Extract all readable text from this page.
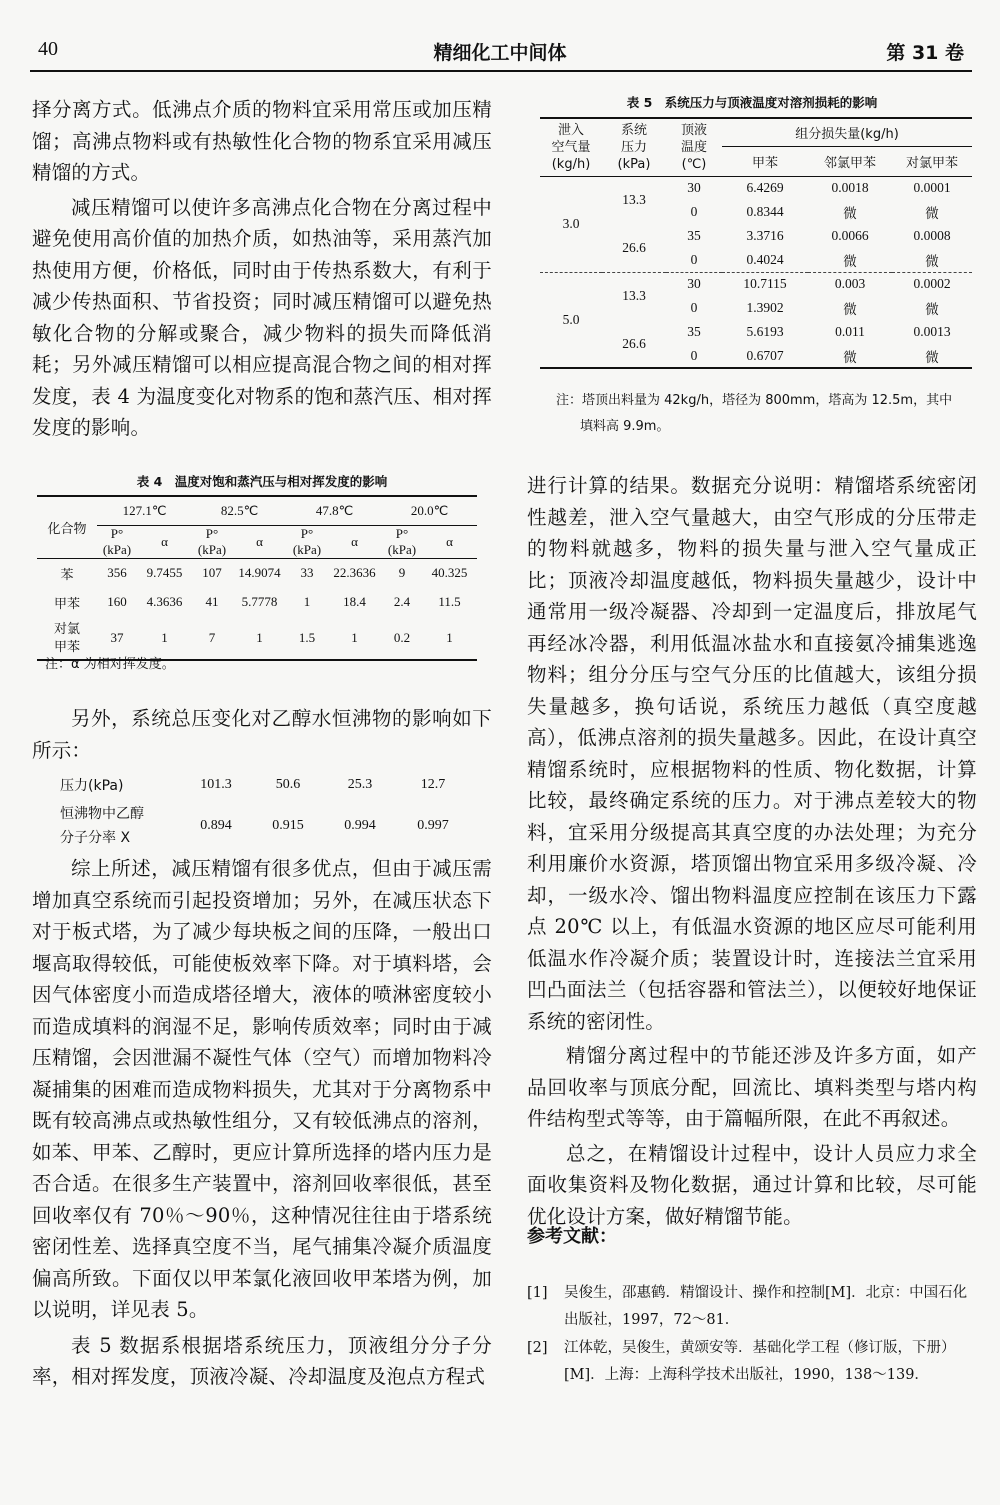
40	精细化工中间体	第 31 卷

择分离方式。低沸点介质的物料宜采用常压或加压精馏；高沸点物料或有热敏性化合物的物系宜采用减压精馏的方式。

减压精馏可以使许多高沸点化合物在分离过程中避免使用高价值的加热介质，如热油等，采用蒸汽加热使用方便，价格低，同时由于传热系数大，有利于减少传热面积、节省投资；同时减压精馏可以避免热敏化合物的分解或聚合，减少物料的损失而降低消耗；另外减压精馏可以相应提高混合物之间的相对挥发度，表 4 为温度变化对物系的饱和蒸汽压、相对挥发度的影响。

表 4　温度对饱和蒸汽压与相对挥发度的影响
化合物	127.1℃		82.5℃		47.8℃		20.0℃	
	P°(kPa)	α	P°(kPa)	α	P°(kPa)	α	P°(kPa)	α
苯	356	9.7455	107	14.9074	33	22.3636	9	40.325
甲苯	160	4.3636	41	5.7778	1	18.4	2.4	11.5
对氯
甲苯	37	1	7	1	1.5	1	0.2	1
注：α 为相对挥发度。

另外，系统总压变化对乙醇水恒沸物的影响如下所示：

压力(kPa)	101.3	50.6	25.3	12.7
恒沸物中乙醇
分子分率 X	0.894	0.915	0.994	0.997

综上所述，减压精馏有很多优点，但由于减压需增加真空系统而引起投资增加；另外，在减压状态下对于板式塔，为了减少每块板之间的压降，一般出口堰高取得较低，可能使板效率下降。对于填料塔，会因气体密度小而造成塔径增大，液体的喷淋密度较小而造成填料的润湿不足，影响传质效率；同时由于减压精馏，会因泄漏不凝性气体（空气）而增加物料冷凝捕集的困难而造成物料损失，尤其对于分离物系中既有较高沸点或热敏性组分，又有较低沸点的溶剂，如苯、甲苯、乙醇时，更应计算所选择的塔内压力是否合适。在很多生产装置中，溶剂回收率很低，甚至回收率仅有 70％～90％，这种情况往往由于塔系统密闭性差、选择真空度不当，尾气捕集冷凝介质温度偏高所致。下面仅以甲苯氯化液回收甲苯塔为例，加以说明，详见表 5。

表 5 数据系根据塔系统压力，顶液组分分子分率，相对挥发度，顶液冷凝、冷却温度及泡点方程式

表 5　系统压力与顶液温度对溶剂损耗的影响
泄入
空气量
(kg/h)	系统
压力
(kPa)	顶液
温度
(℃)	组分损失量(kg/h)		
			甲苯	邻氯甲苯	对氯甲苯
3.0	13.3	30	6.4269	0.0018	0.0001
		0	0.8344	微	微
	26.6	35	3.3716	0.0066	0.0008
		0	0.4024	微	微
5.0	13.3	30	10.7115	0.003	0.0002
		0	1.3902	微	微
	26.6	35	5.6193	0.011	0.0013
		0	0.6707	微	微
注：塔顶出料量为 42kg/h，塔径为 800mm，塔高为 12.5m，其中
填料高 9.9m。

进行计算的结果。数据充分说明：精馏塔系统密闭性越差，泄入空气量越大，由空气形成的分压带走的物料就越多，物料的损失量与泄入空气量成正比；顶液冷却温度越低，物料损失量越少，设计中通常用一级冷凝器、冷却到一定温度后，排放尾气再经冰冷器，利用低温冰盐水和直接氨冷捕集逃逸物料；组分分压与空气分压的比值越大，该组分损失量越多，换句话说，系统压力越低（真空度越高），低沸点溶剂的损失量越多。因此，在设计真空精馏系统时，应根据物料的性质、物化数据，计算比较，最终确定系统的压力。对于沸点差较大的物料，宜采用分级提高其真空度的办法处理；为充分利用廉价水资源，塔顶馏出物宜采用多级冷凝、冷却，一级水冷、馏出物料温度应控制在该压力下露点 20℃ 以上，有低温水资源的地区应尽可能利用低温水作冷凝介质；装置设计时，连接法兰宜采用凹凸面法兰（包括容器和管法兰），以便较好地保证系统的密闭性。

精馏分离过程中的节能还涉及许多方面，如产品回收率与顶底分配，回流比、填料类型与塔内构件结构型式等等，由于篇幅所限，在此不再叙述。

总之，在精馏设计过程中，设计人员应力求全面收集资料及物化数据，通过计算和比较，尽可能优化设计方案，做好精馏节能。

参考文献：
[1] 吴俊生，邵惠鹤．精馏设计、操作和控制[M]．北京：中国石化出版社，1997，72～81．
[2] 江体乾，吴俊生，黄颂安等．基础化学工程（修订版，下册）[M]．上海：上海科学技术出版社，1990，138～139．
